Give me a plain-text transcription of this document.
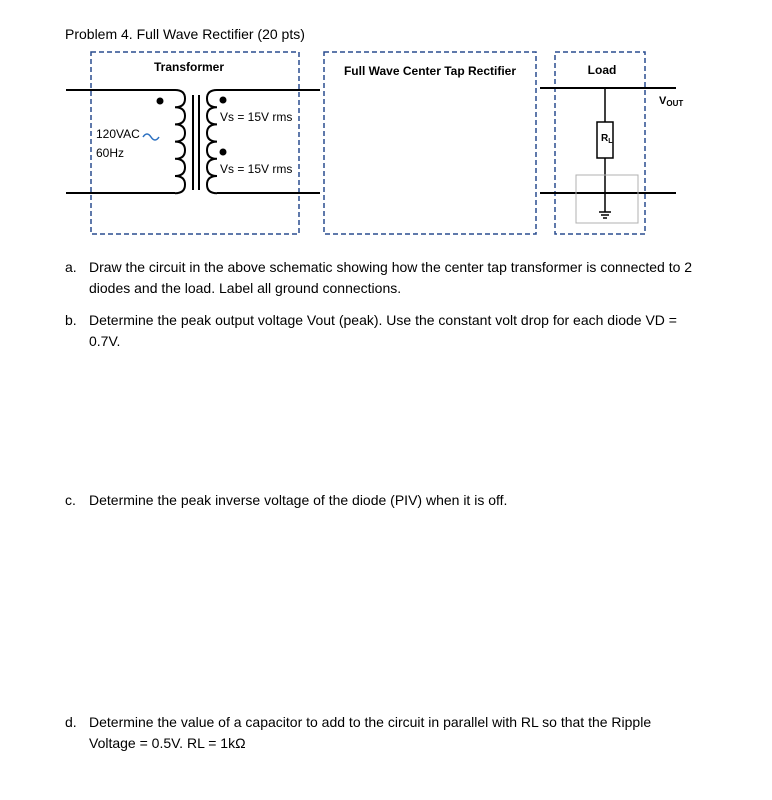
Problem 4. Full Wave Rectifier (20 pts)
Transformer	Full Wave Center Tap Rectifier	Load
120VAC
60Hz
Vs = 15V rms
Vs = 15V rms
$R_L$
VOUT
a. Draw the circuit in the above schematic showing how the center tap transformer is connected to 2 diodes and the load. Label all ground connections.
b. Determine the peak output voltage Vout (peak). Use the constant volt drop for each diode VD = 0.7V.
c. Determine the peak inverse voltage of the diode (PIV) when it is off.
d. Determine the value of a capacitor to add to the circuit in parallel with RL so that the Ripple Voltage = 0.5V. RL = 1kΩ
